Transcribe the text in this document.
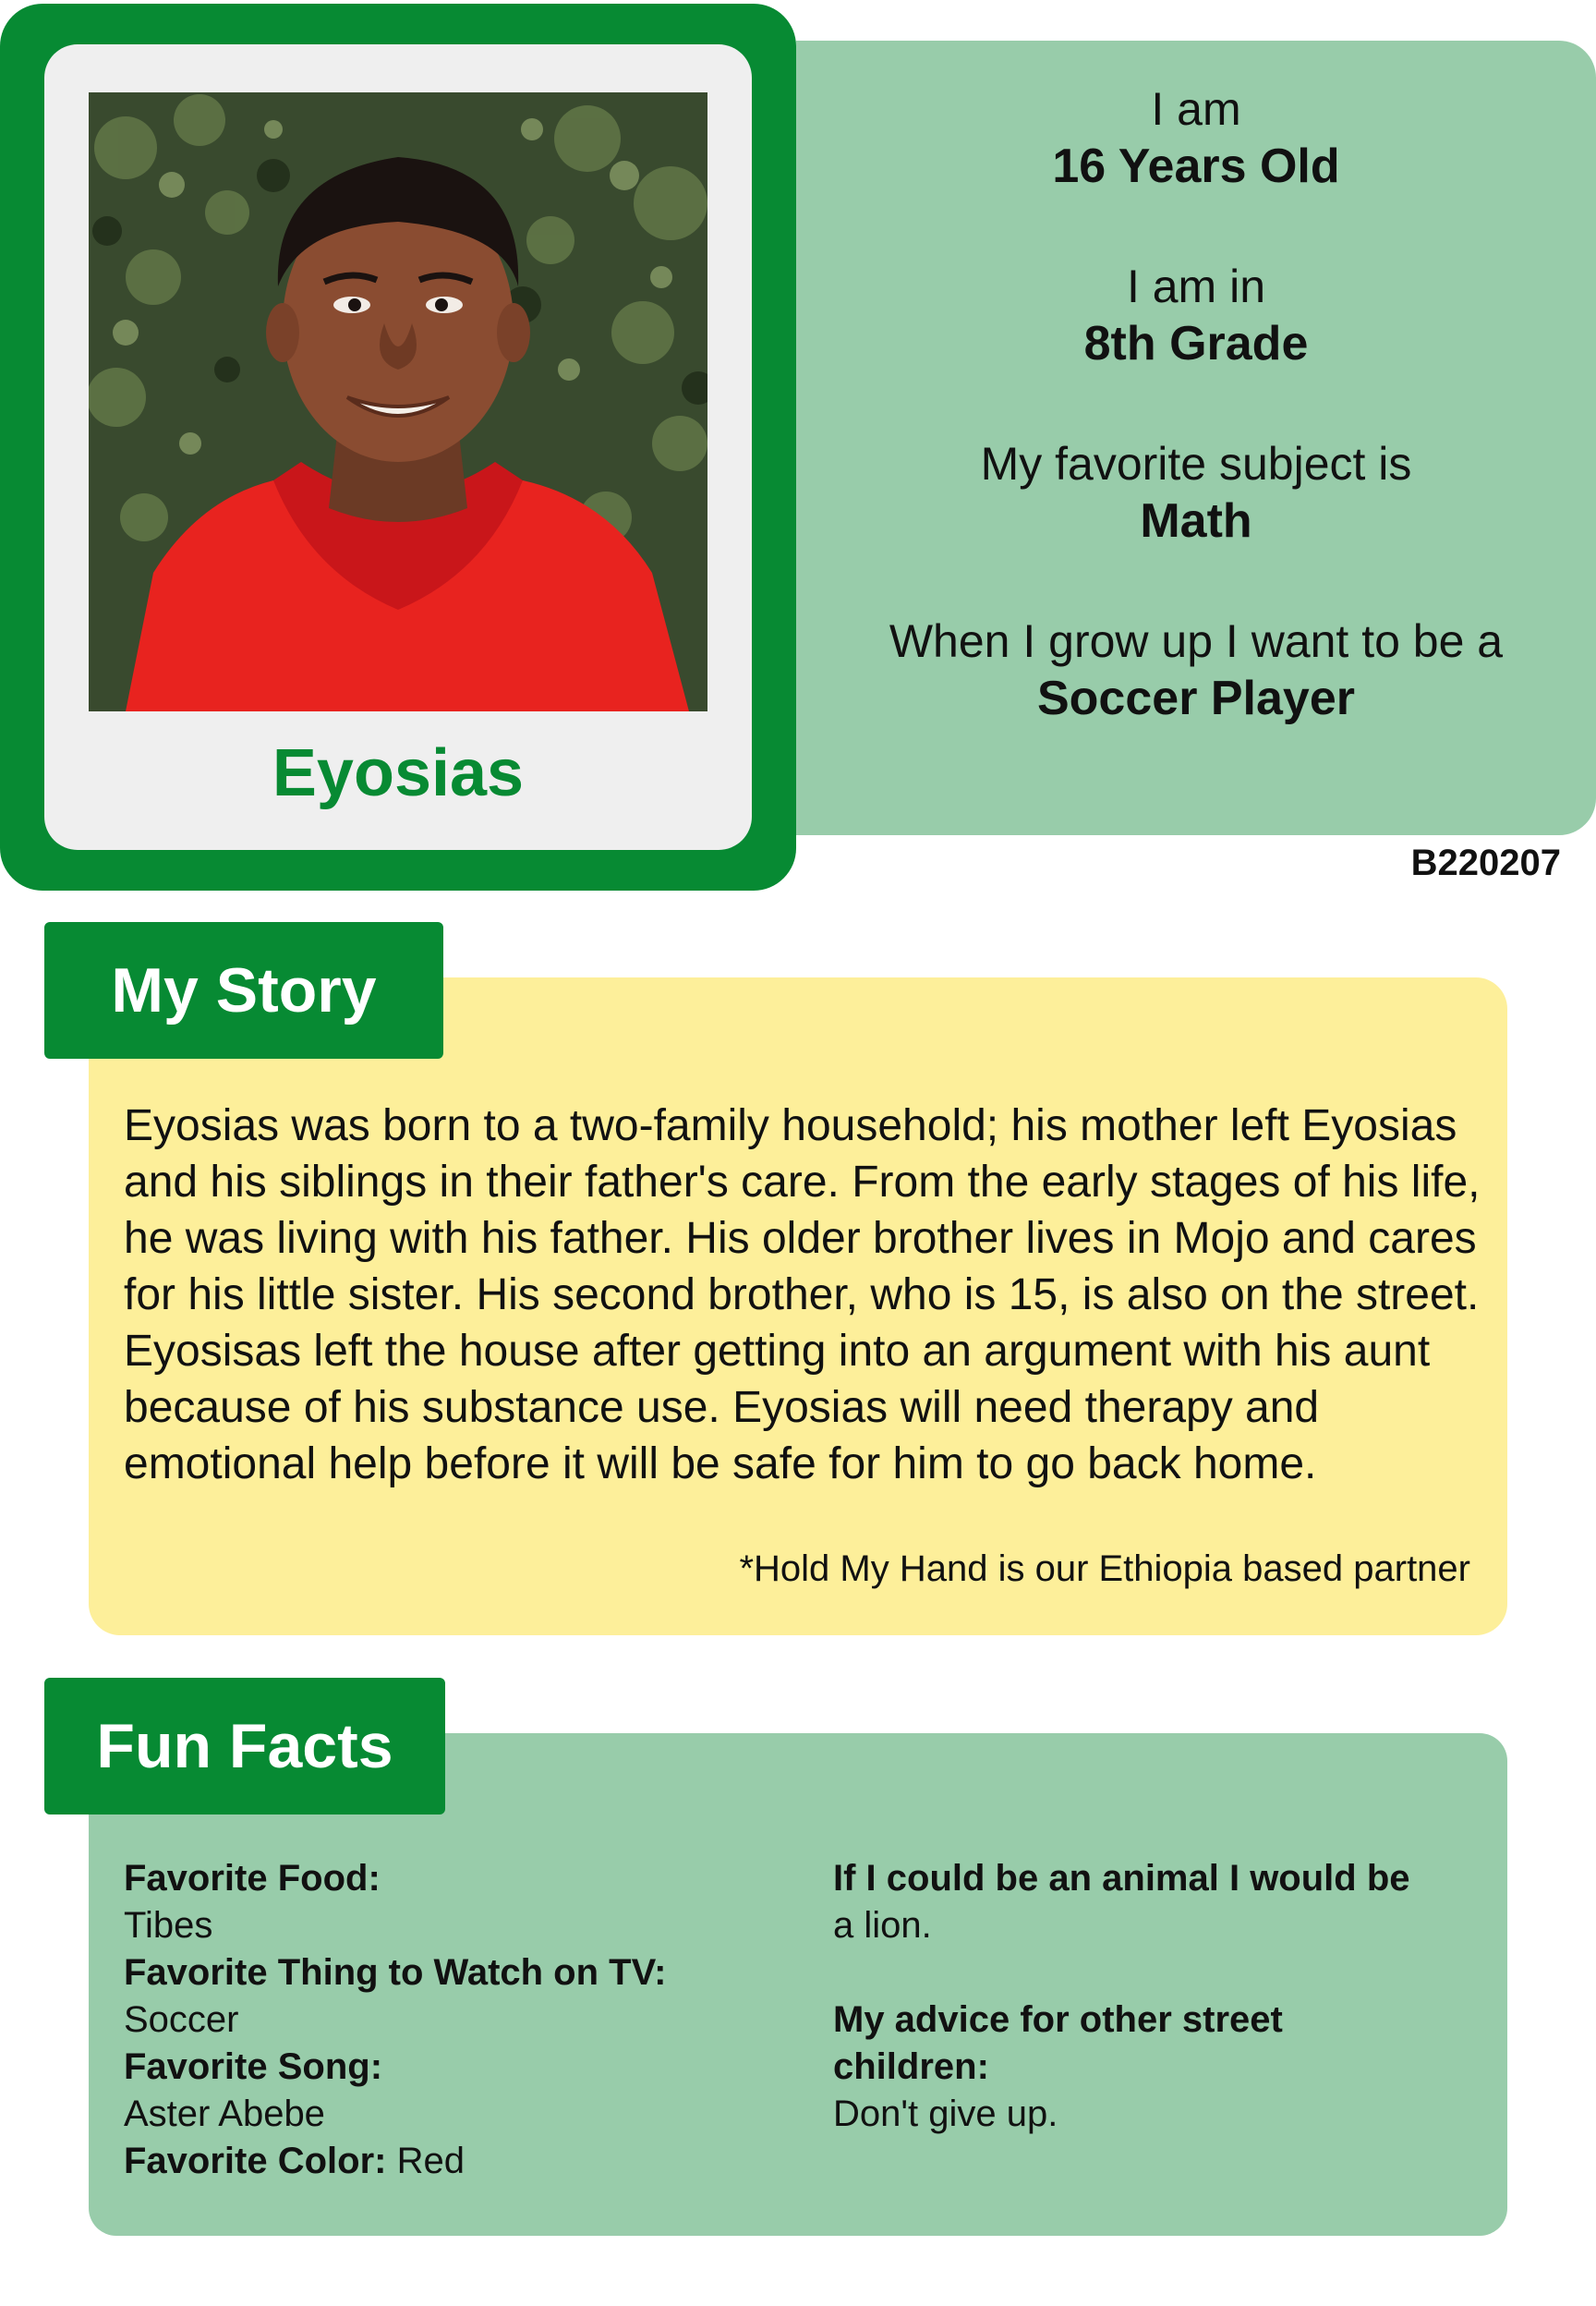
Eyosias
I am
16 Years Old
I am in
8th Grade
My favorite subject is
Math
When I grow up I want to be a
Soccer Player
B220207
My Story

Eyosias was born to a two-family household; his mother left Eyosias and his siblings in their father's care. From the early stages of his life, he was living with his father. His older brother lives in Mojo and cares for his little sister. His second brother, who is 15, is also on the street. Eyosisas left the house after getting into an argument with his aunt because of his substance use. Eyosias will need therapy and emotional help before it will be safe for him to go back home.

*Hold My Hand is our Ethiopia based partner

Fun Facts
Favorite Food:
Tibes
Favorite Thing to Watch on TV:
Soccer
Favorite Song:
Aster Abebe
Favorite Color: Red
If I could be an animal I would be
a lion.
My advice for other street children:
Don't give up.
